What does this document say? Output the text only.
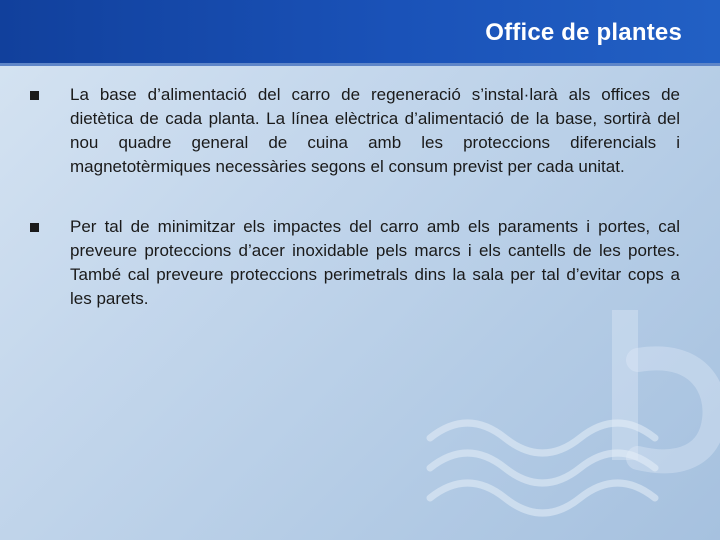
Office de plantes
La base d’alimentació del carro de regeneració s’instal·larà als offices de dietètica de cada planta. La línea elèctrica d’alimentació de la base, sortirà del nou quadre general de cuina amb les proteccions diferencials i magnetotèrmiques necessàries segons el consum previst per cada unitat.
Per tal de minimitzar els impactes del carro amb els paraments i portes, cal preveure proteccions d’acer inoxidable pels marcs i els cantells de les portes. També cal preveure proteccions perimetrals dins la sala per tal d’evitar cops a les parets.
